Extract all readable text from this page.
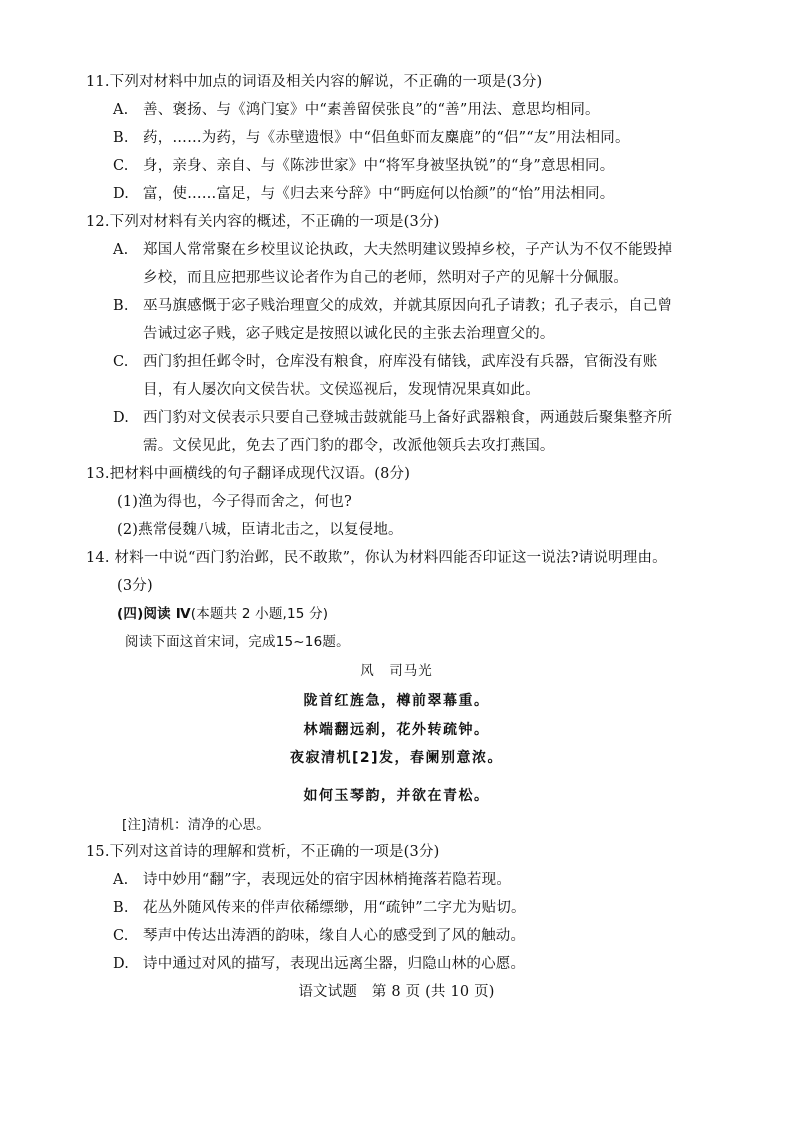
11.下列对材料中加点的词语及相关内容的解说，不正确的一项是(3分)
A. 善、褒扬、与《鸿门宴》中“素善留侯张良”的“善”用法、意思均相同。
B. 药，……为药，与《赤壁遗恨》中“侣鱼虾而友麋鹿”的“侣”“友”用法相同。
C. 身，亲身、亲自、与《陈涉世家》中“将军身被坚执锐”的“身”意思相同。
D. 富，使……富足，与《归去来兮辞》中“眄庭何以怡颜”的“怡”用法相同。
12.下列对材料有关内容的概述，不正确的一项是(3分)
A. 郑国人常常聚在乡校里议论执政，大夫然明建议毁掉乡校，子产认为不仅不能毁掉
乡校，而且应把那些议论者作为自己的老师，然明对子产的见解十分佩服。
B. 巫马旗感慨于宓子贱治理亶父的成效，并就其原因向孔子请教；孔子表示，自己曾
告诫过宓子贱，宓子贱定是按照以诚化民的主张去治理亶父的。
C. 西门豹担任邺令时，仓库没有粮食，府库没有储钱，武库没有兵器，官衙没有账
目，有人屡次向文侯告状。文侯巡视后，发现情况果真如此。
D. 西门豹对文侯表示只要自己登城击鼓就能马上备好武器粮食，两通鼓后聚集整齐所
需。文侯见此，免去了西门豹的郡令，改派他领兵去攻打燕国。
13.把材料中画横线的句子翻译成现代汉语。(8分)
(1)渔为得也，今子得而舍之，何也?
(2)燕常侵魏八城，臣请北击之，以复侵地。
14. 材料一中说“西门豹治邺，民不敢欺”，你认为材料四能否印证这一说法?请说明理由。
(3分)
(四)阅读 Ⅳ(本题共 2 小题,15 分)
阅读下面这首宋词，完成15~16题。
风　司马光
陇首红旌急，樽前翠幕重。
林端翻远刹，花外转疏钟。
夜寂清机[2]发，春阑别意浓。
如何玉琴韵，并欲在青松。
[注]清机：清净的心思。
15.下列对这首诗的理解和赏析，不正确的一项是(3分)
A. 诗中妙用“翻”字，表现远处的宿宇因林梢掩落若隐若现。
B. 花丛外随风传来的伴声依稀缥缈，用“疏钟”二字尤为贴切。
C. 琴声中传达出涛酒的韵味，缘自人心的感受到了风的触动。
D. 诗中通过对风的描写，表现出远离尘器，归隐山林的心愿。
语文试题　第 8 页 (共 10 页)
